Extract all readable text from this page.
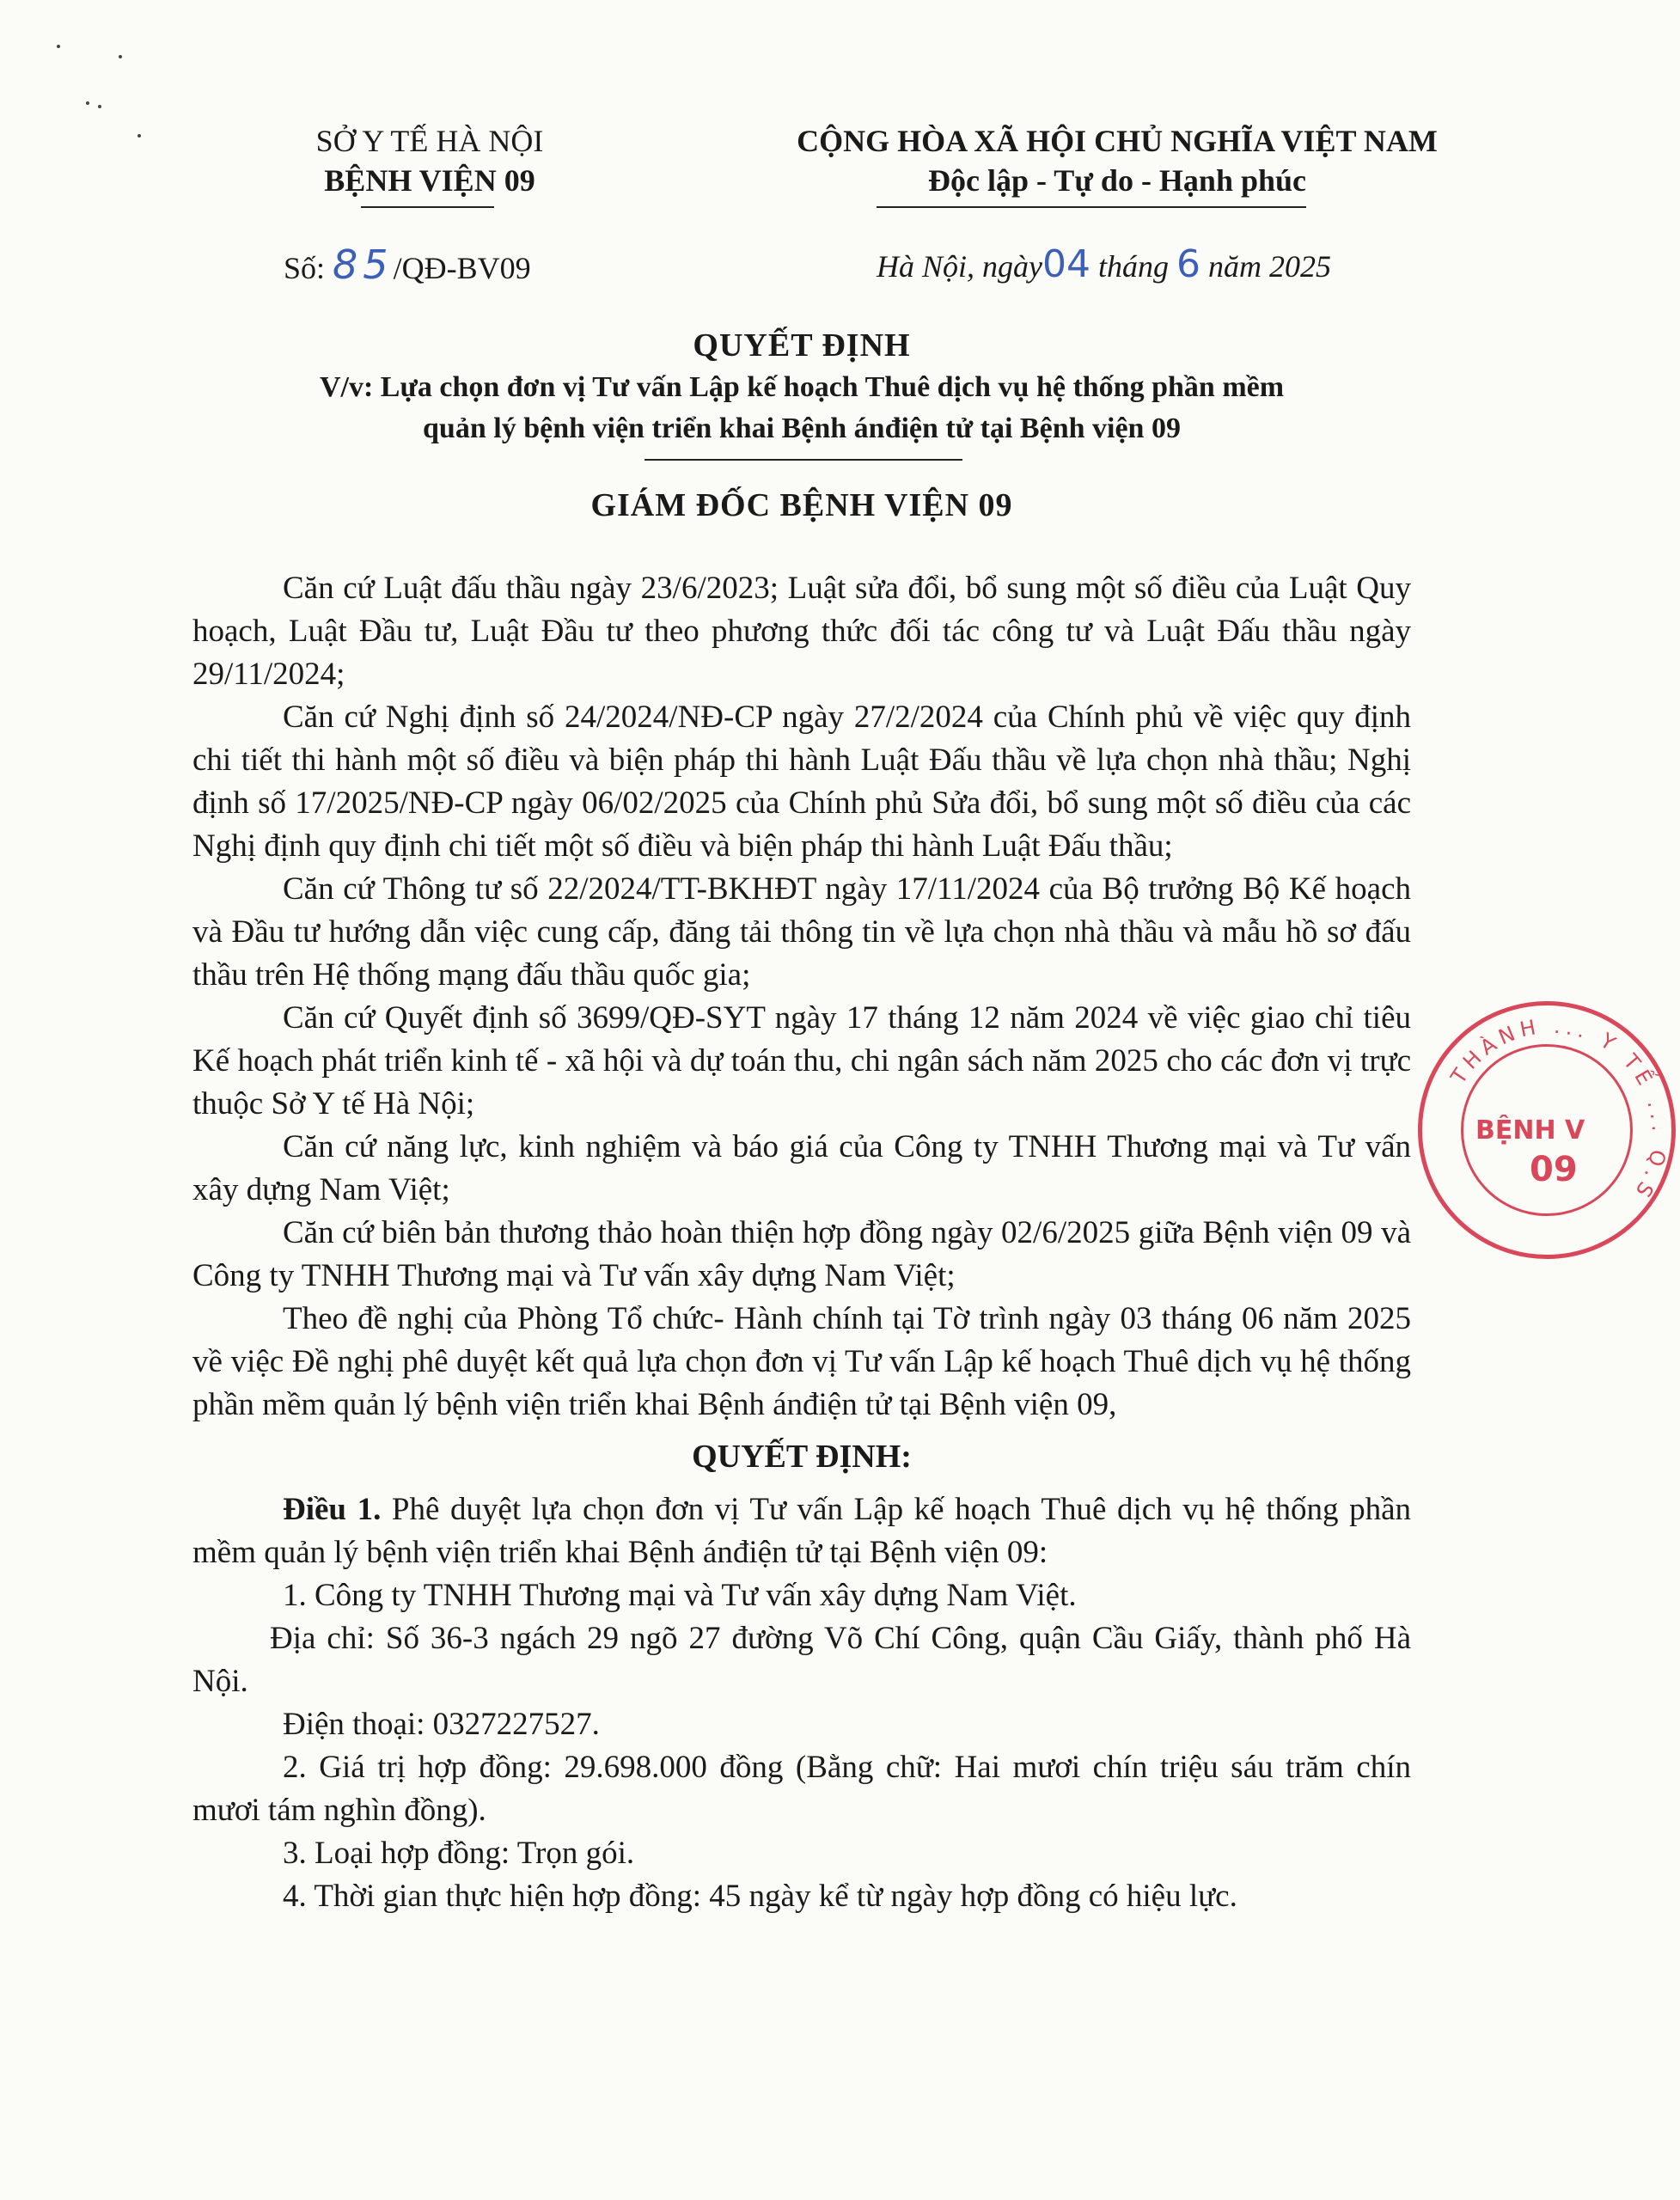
SỞ Y TẾ HÀ NỘI
BỆNH VIỆN 09
CỘNG HÒA XÃ HỘI CHỦ NGHĨA VIỆT NAM
Độc lập - Tự do - Hạnh phúc
Số: 85/QĐ-BV09	Hà Nội, ngày04 tháng 6 năm 2025
QUYẾT ĐỊNH
V/v: Lựa chọn đơn vị Tư vấn Lập kế hoạch Thuê dịch vụ hệ thống phần mềm
quản lý bệnh viện triển khai Bệnh ánđiện tử tại Bệnh viện 09
GIÁM ĐỐC BỆNH VIỆN 09

Căn cứ Luật đấu thầu ngày 23/6/2023; Luật sửa đổi, bổ sung một số điều của Luật Quy hoạch, Luật Đầu tư, Luật Đầu tư theo phương thức đối tác công tư và Luật Đấu thầu ngày 29/11/2024;

Căn cứ Nghị định số 24/2024/NĐ-CP ngày 27/2/2024 của Chính phủ về việc quy định chi tiết thi hành một số điều và biện pháp thi hành Luật Đấu thầu về lựa chọn nhà thầu; Nghị định số 17/2025/NĐ-CP ngày 06/02/2025 của Chính phủ Sửa đổi, bổ sung một số điều của các Nghị định quy định chi tiết một số điều và biện pháp thi hành Luật Đấu thầu;

Căn cứ Thông tư số 22/2024/TT-BKHĐT ngày 17/11/2024 của Bộ trưởng Bộ Kế hoạch và Đầu tư hướng dẫn việc cung cấp, đăng tải thông tin về lựa chọn nhà thầu và mẫu hồ sơ đấu thầu trên Hệ thống mạng đấu thầu quốc gia;

Căn cứ Quyết định số 3699/QĐ-SYT ngày 17 tháng 12 năm 2024 về việc giao chỉ tiêu Kế hoạch phát triển kinh tế - xã hội và dự toán thu, chi ngân sách năm 2025 cho các đơn vị trực thuộc Sở Y tế Hà Nội;

Căn cứ năng lực, kinh nghiệm và báo giá của Công ty TNHH Thương mại và Tư vấn xây dựng Nam Việt;

Căn cứ biên bản thương thảo hoàn thiện hợp đồng ngày 02/6/2025 giữa Bệnh viện 09 và Công ty TNHH Thương mại và Tư vấn xây dựng Nam Việt;

Theo đề nghị của Phòng Tổ chức- Hành chính tại Tờ trình ngày 03 tháng 06 năm 2025 về việc Đề nghị phê duyệt kết quả lựa chọn đơn vị Tư vấn Lập kế hoạch Thuê dịch vụ hệ thống phần mềm quản lý bệnh viện triển khai Bệnh ánđiện tử tại Bệnh viện 09,

QUYẾT ĐỊNH:

Điều 1. Phê duyệt lựa chọn đơn vị Tư vấn Lập kế hoạch Thuê dịch vụ hệ thống phần mềm quản lý bệnh viện triển khai Bệnh ánđiện tử tại Bệnh viện 09:

1. Công ty TNHH Thương mại và Tư vấn xây dựng Nam Việt.

Địa chỉ: Số 36-3 ngách 29 ngõ 27 đường Võ Chí Công, quận Cầu Giấy, thành phố Hà Nội.

Điện thoại: 0327227527.

2. Giá trị hợp đồng: 29.698.000 đồng (Bằng chữ: Hai mươi chín triệu sáu trăm chín mươi tám nghìn đồng).

3. Loại hợp đồng: Trọn gói.

4. Thời gian thực hiện hợp đồng: 45 ngày kể từ ngày hợp đồng có hiệu lực.

THÀNH ... Y TẾ ... Q.S
BỆNH V
09
